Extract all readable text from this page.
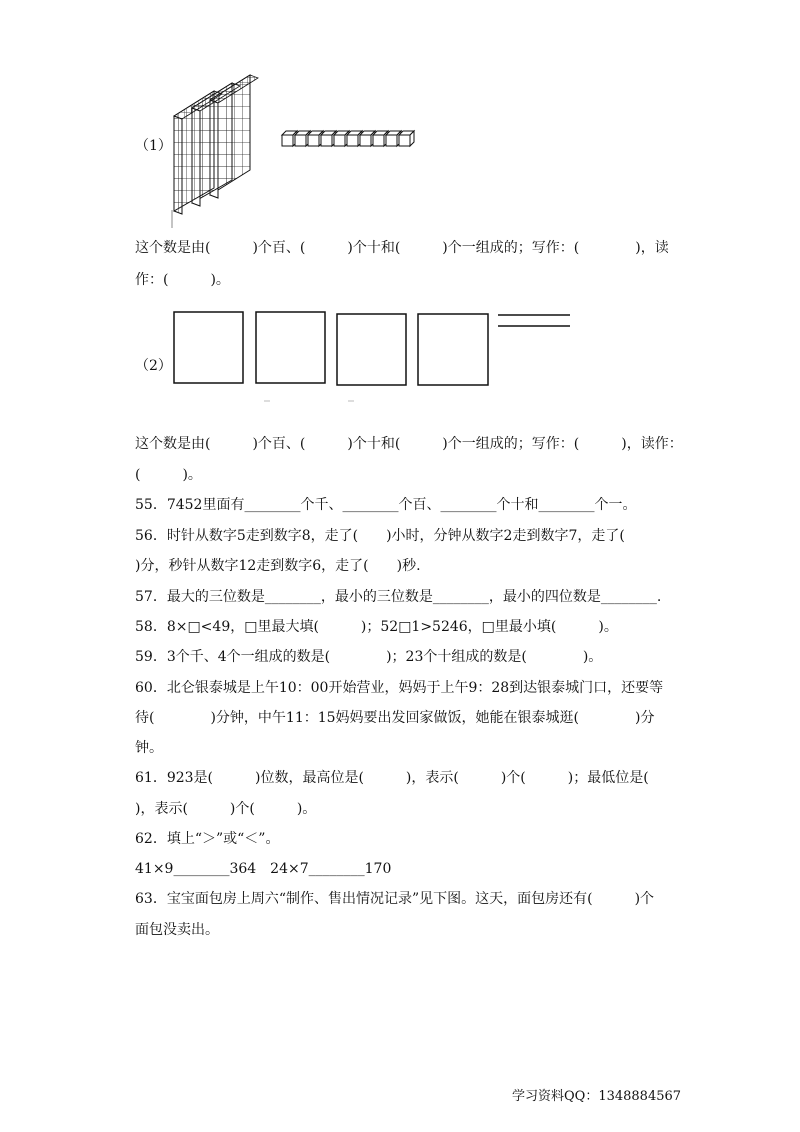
（1）
这个数是由(　　　)个百、(　　　)个十和(　　　)个一组成的；写作：(　　　　)，读
作：(　　　)。
（2）
这个数是由(　　　)个百、(　　　)个十和(　　　)个一组成的；写作：(　　　)，读作：
(　　　)。
55．7452里面有________个千、________个百、________个十和________个一。
56．时针从数字5走到数字8，走了(　　)小时，分钟从数字2走到数字7，走了(
)分，秒针从数字12走到数字6，走了(　　)秒.
57．最大的三位数是________，最小的三位数是________，最小的四位数是________.
58．8×□<49，□里最大填(　　　)；52□1>5246，□里最小填(　　　)。
59．3个千、4个一组成的数是(　　　　)；23个十组成的数是(　　　　)。
60．北仑银泰城是上午10：00开始营业，妈妈于上午9：28到达银泰城门口，还要等
待(　　　　)分钟，中午11：15妈妈要出发回家做饭，她能在银泰城逛(　　　　)分
钟。
61．923是(　　　)位数，最高位是(　　　)，表示(　　　)个(　　　)；最低位是(
)，表示(　　　)个(　　　)。
62．填上“＞”或“＜”。
41×9________364　24×7________170
63．宝宝面包房上周六“制作、售出情况记录”见下图。这天，面包房还有(　　　)个
面包没卖出。
学习资料QQ：1348884567
